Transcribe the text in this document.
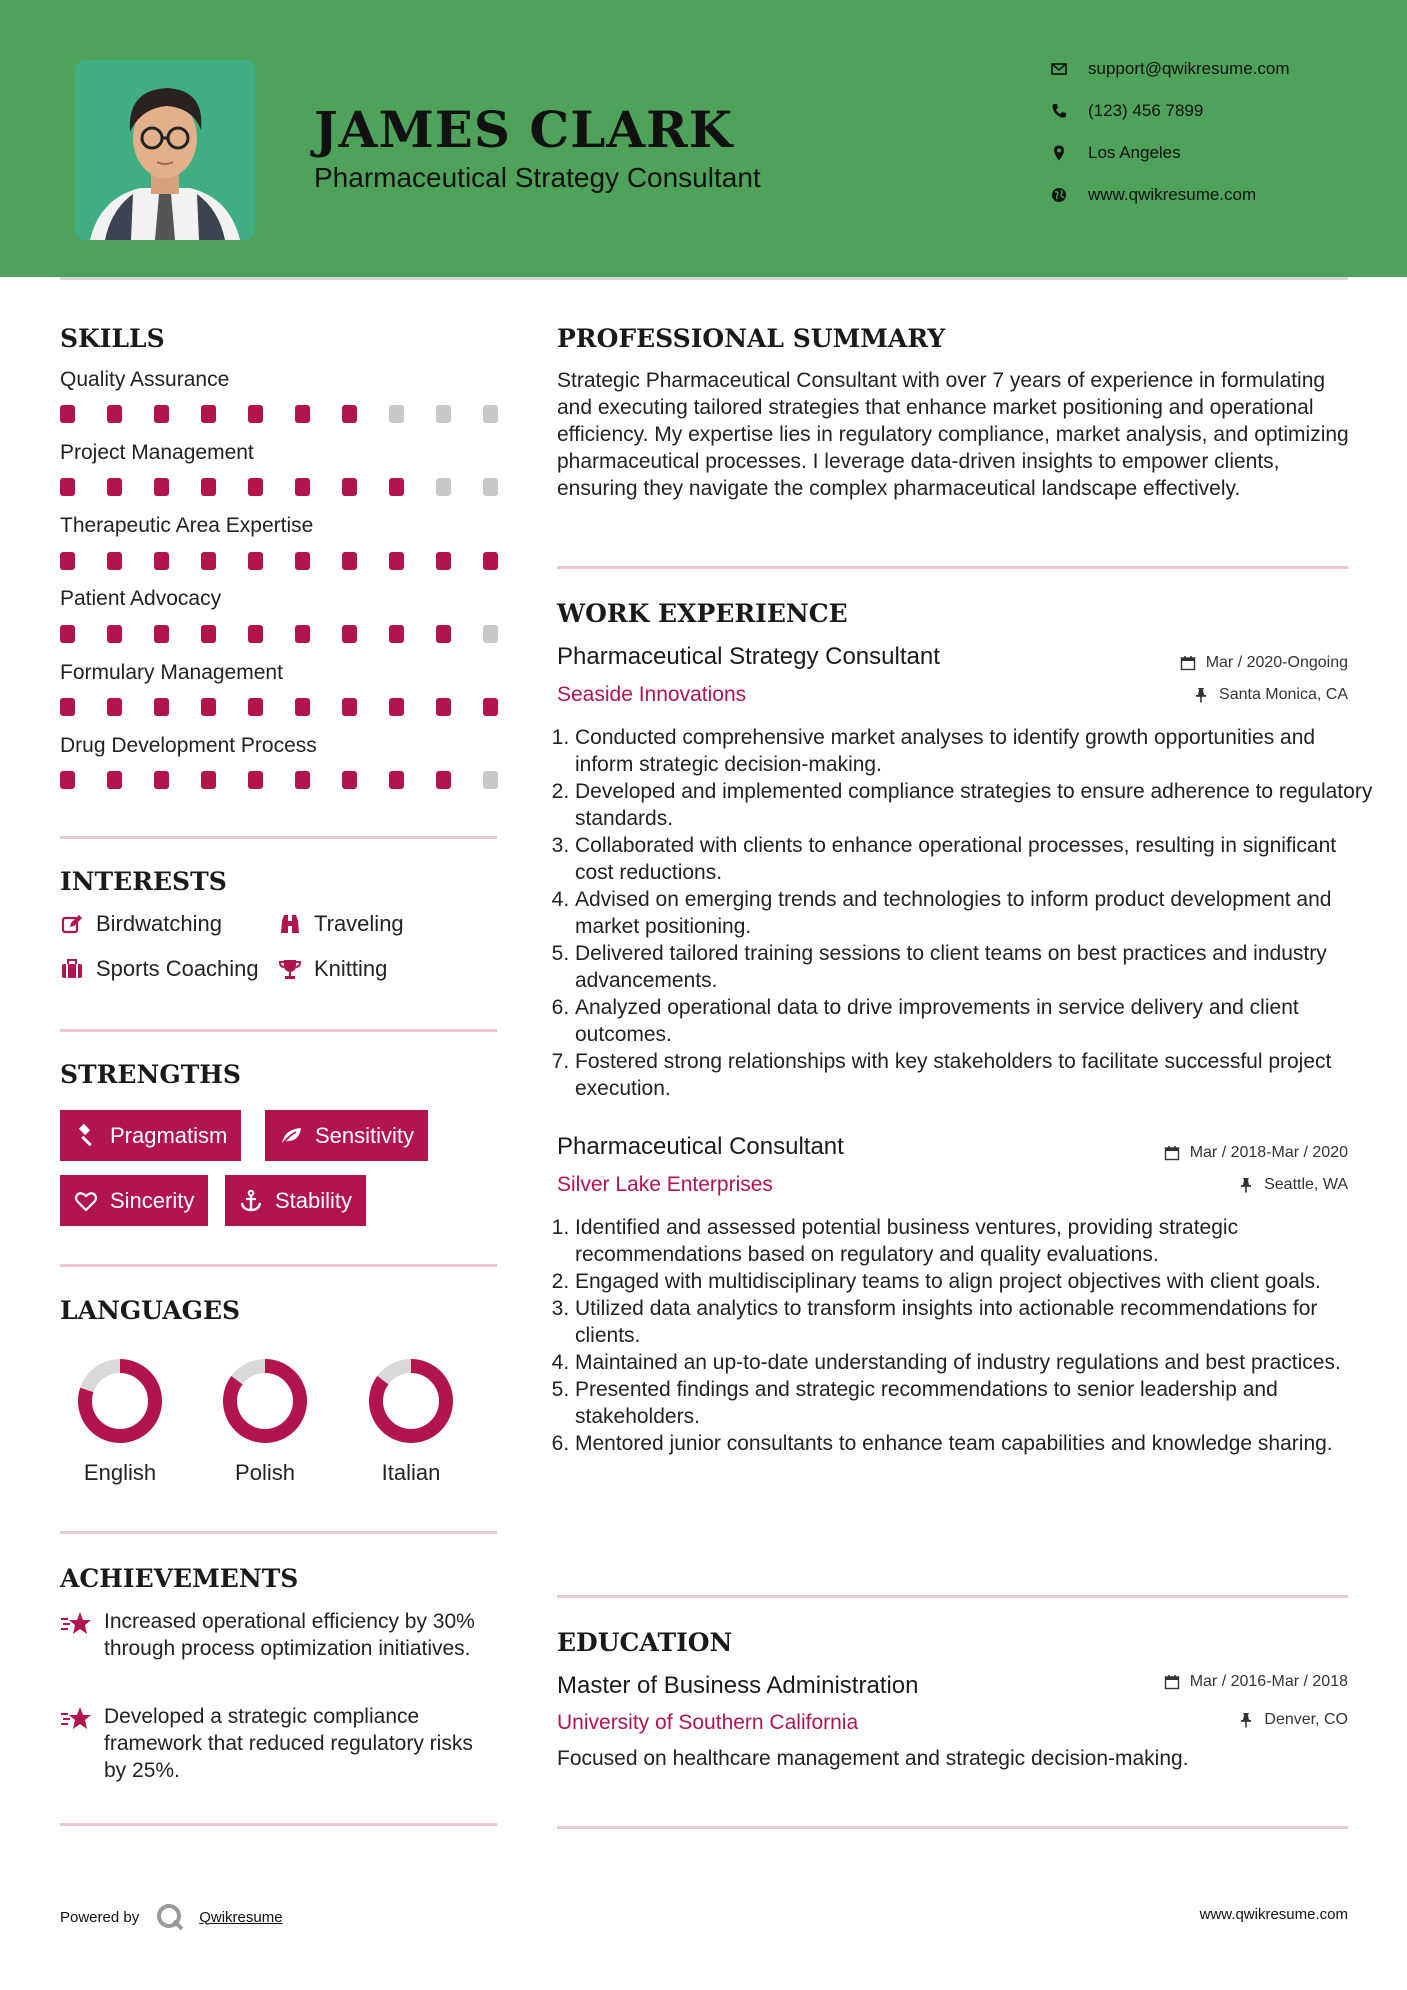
JAMES CLARK
Pharmaceutical Strategy Consultant
support@qwikresume.com
(123) 456 7899
Los Angeles
www.qwikresume.com
SKILLS
Quality Assurance
Project Management
Therapeutic Area Expertise
Patient Advocacy
Formulary Management
Drug Development Process
INTERESTS
Birdwatching	Traveling
Sports Coaching	Knitting
STRENGTHS
Pragmatism	Sensitivity
Sincerity	Stability
LANGUAGES
English	Polish	Italian
ACHIEVEMENTS
Increased operational efficiency by 30% through process optimization initiatives.
Developed a strategic compliance framework that reduced regulatory risks by 25%.
PROFESSIONAL SUMMARY
Strategic Pharmaceutical Consultant with over 7 years of experience in formulating and executing tailored strategies that enhance market positioning and operational efficiency. My expertise lies in regulatory compliance, market analysis, and optimizing pharmaceutical processes. I leverage data-driven insights to empower clients, ensuring they navigate the complex pharmaceutical landscape effectively.
WORK EXPERIENCE
Pharmaceutical Strategy Consultant	Mar / 2020-Ongoing
Seaside Innovations	Santa Monica, CA
1. Conducted comprehensive market analyses to identify growth opportunities and inform strategic decision-making.
2. Developed and implemented compliance strategies to ensure adherence to regulatory standards.
3. Collaborated with clients to enhance operational processes, resulting in significant cost reductions.
4. Advised on emerging trends and technologies to inform product development and market positioning.
5. Delivered tailored training sessions to client teams on best practices and industry advancements.
6. Analyzed operational data to drive improvements in service delivery and client outcomes.
7. Fostered strong relationships with key stakeholders to facilitate successful project execution.
Pharmaceutical Consultant	Mar / 2018-Mar / 2020
Silver Lake Enterprises	Seattle, WA
1. Identified and assessed potential business ventures, providing strategic recommendations based on regulatory and quality evaluations.
2. Engaged with multidisciplinary teams to align project objectives with client goals.
3. Utilized data analytics to transform insights into actionable recommendations for clients.
4. Maintained an up-to-date understanding of industry regulations and best practices.
5. Presented findings and strategic recommendations to senior leadership and stakeholders.
6. Mentored junior consultants to enhance team capabilities and knowledge sharing.
EDUCATION
Master of Business Administration	Mar / 2016-Mar / 2018
University of Southern California	Denver, CO
Focused on healthcare management and strategic decision-making.
Powered by	Qwikresume	www.qwikresume.com
